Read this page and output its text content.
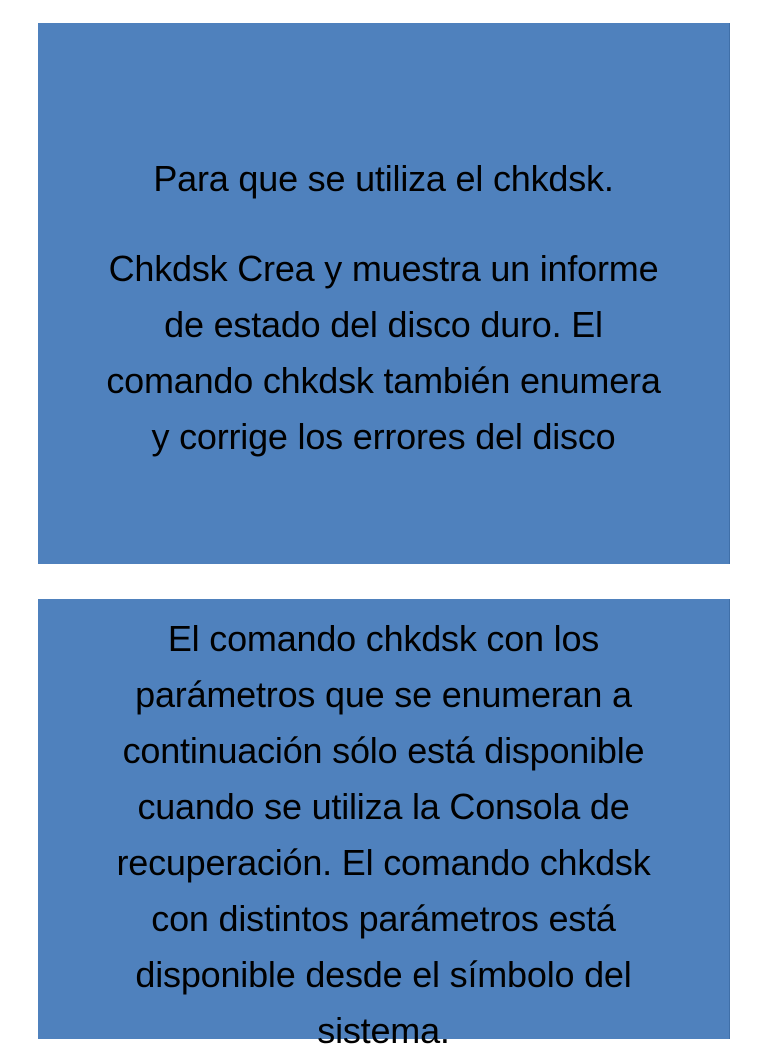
Para que se utiliza el chkdsk.
Chkdsk Crea y muestra un informe
de estado del disco duro. El
comando chkdsk también enumera
y corrige los errores del disco
El comando chkdsk con los
parámetros que se enumeran a
continuación sólo está disponible
cuando se utiliza la Consola de
recuperación. El comando chkdsk
con distintos parámetros está
disponible desde el símbolo del
sistema.
